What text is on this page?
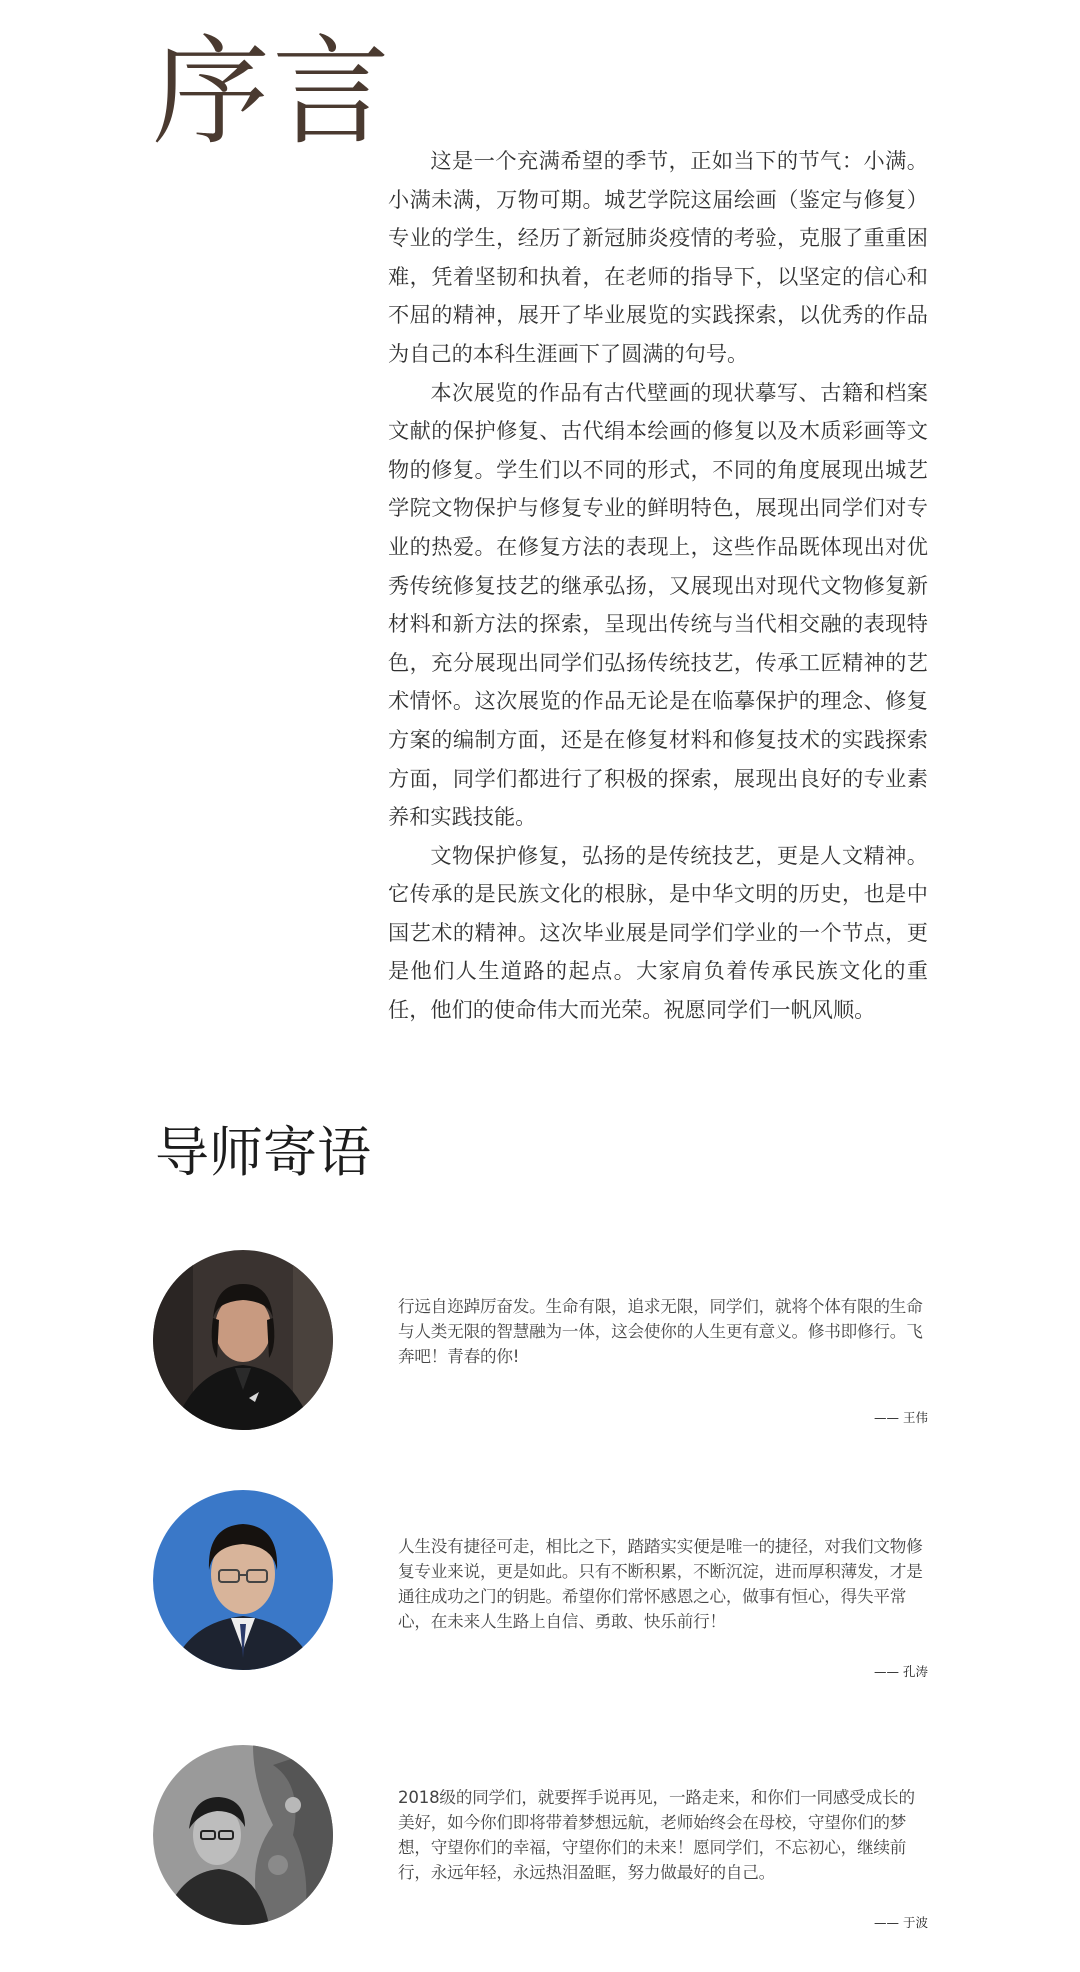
序言	这是一个充满希望的季节，正如当下的节气：小满。小满未满，万物可期。城艺学院这届绘画（鉴定与修复）专业的学生，经历了新冠肺炎疫情的考验，克服了重重困难，凭着坚韧和执着，在老师的指导下，以坚定的信心和不屈的精神，展开了毕业展览的实践探索，以优秀的作品为自己的本科生涯画下了圆满的句号。

本次展览的作品有古代壁画的现状摹写、古籍和档案文献的保护修复、古代绢本绘画的修复以及木质彩画等文物的修复。学生们以不同的形式，不同的角度展现出城艺学院文物保护与修复专业的鲜明特色，展现出同学们对专业的热爱。在修复方法的表现上，这些作品既体现出对优秀传统修复技艺的继承弘扬，又展现出对现代文物修复新材料和新方法的探索，呈现出传统与当代相交融的表现特色，充分展现出同学们弘扬传统技艺，传承工匠精神的艺术情怀。这次展览的作品无论是在临摹保护的理念、修复方案的编制方面，还是在修复材料和修复技术的实践探索方面，同学们都进行了积极的探索，展现出良好的专业素养和实践技能。

文物保护修复，弘扬的是传统技艺，更是人文精神。它传承的是民族文化的根脉，是中华文明的历史，也是中国艺术的精神。这次毕业展是同学们学业的一个节点，更是他们人生道路的起点。大家肩负着传承民族文化的重任，他们的使命伟大而光荣。祝愿同学们一帆风顺。

导师寄语
行远自迩踔厉奋发。生命有限，追求无限，同学们，就将个体有限的生命与人类无限的智慧融为一体，这会使你的人生更有意义。修书即修行。飞奔吧！青春的你!
—— 王伟
人生没有捷径可走，相比之下，踏踏实实便是唯一的捷径，对我们文物修复专业来说，更是如此。只有不断积累，不断沉淀，进而厚积薄发，才是通往成功之门的钥匙。希望你们常怀感恩之心，做事有恒心，得失平常心，在未来人生路上自信、勇敢、快乐前行！
—— 孔涛
2018级的同学们，就要挥手说再见，一路走来，和你们一同感受成长的美好，如今你们即将带着梦想远航，老师始终会在母校，守望你们的梦想，守望你们的幸福，守望你们的未来！愿同学们，不忘初心，继续前行，永远年轻，永远热泪盈眶，努力做最好的自己。
—— 于波
